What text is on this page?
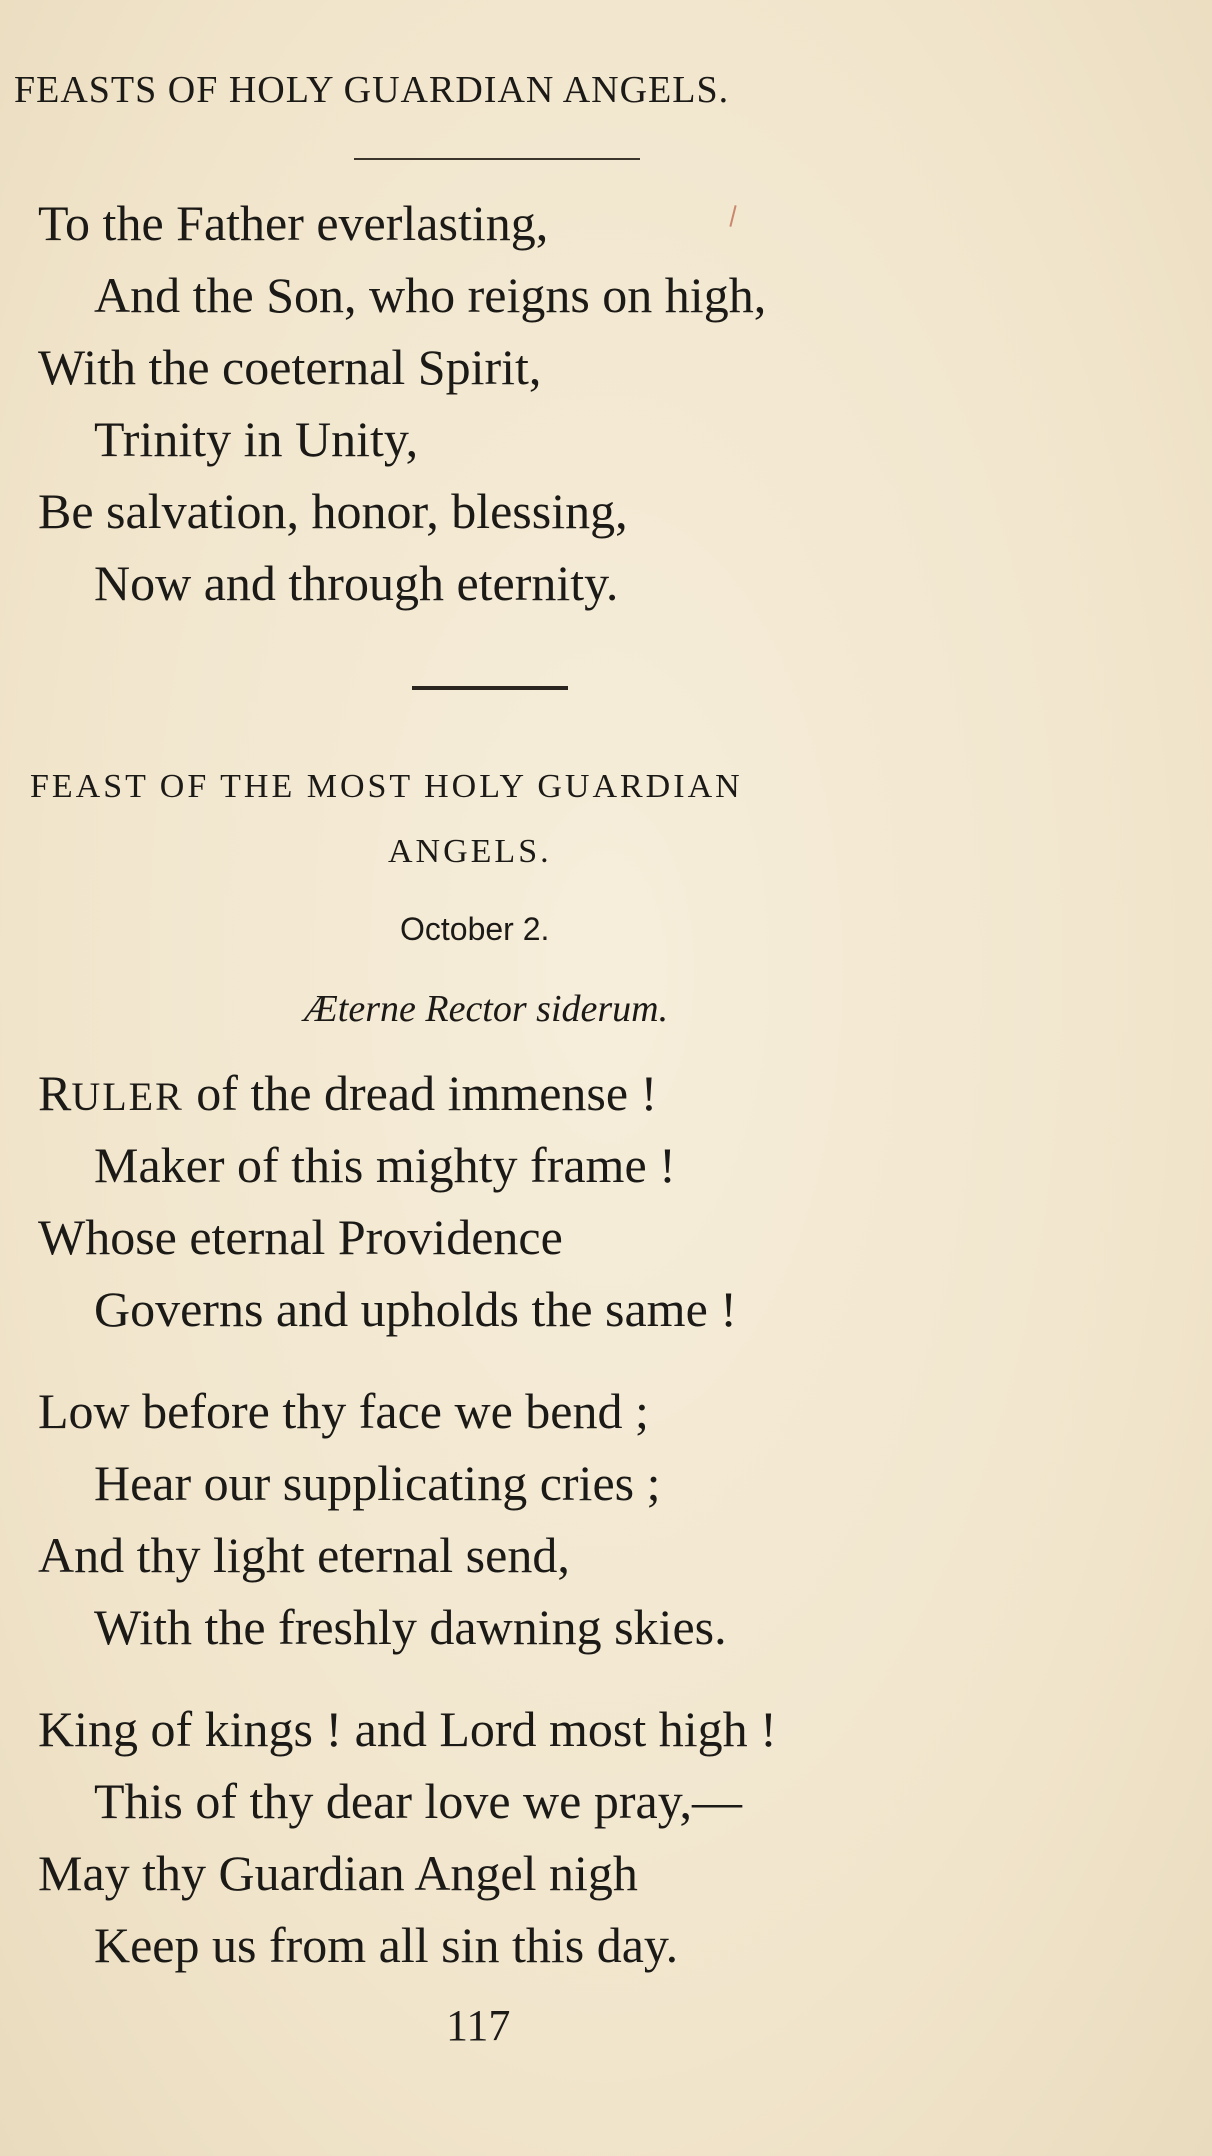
FEASTS OF HOLY GUARDIAN ANGELS.
To the Father everlasting,
And the Son, who reigns on high,
With the coeternal Spirit,
Trinity in Unity,
Be salvation, honor, blessing,
Now and through eternity.
FEAST OF THE MOST HOLY GUARDIAN
ANGELS.
October 2.
Æterne Rector siderum.
RULER of the dread immense !
Maker of this mighty frame !
Whose eternal Providence
Governs and upholds the same !
Low before thy face we bend ;
Hear our supplicating cries ;
And thy light eternal send,
With the freshly dawning skies.
King of kings ! and Lord most high !
This of thy dear love we pray,—
May thy Guardian Angel nigh
Keep us from all sin this day.
117
